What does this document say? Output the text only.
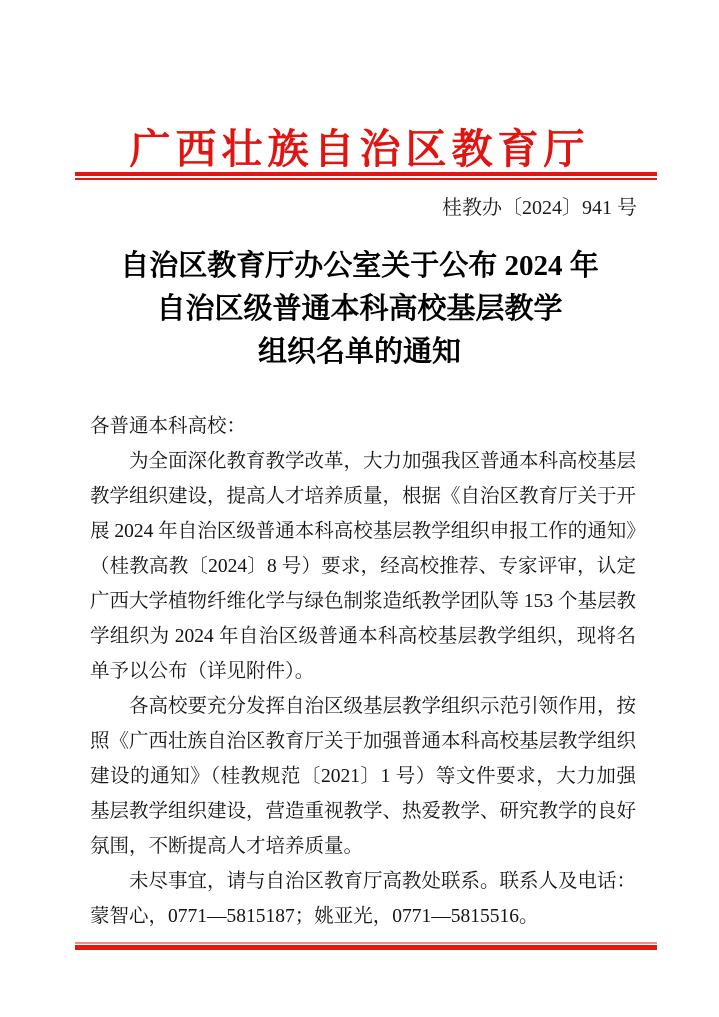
广西壮族自治区教育厅
桂教办〔2024〕941 号
自治区教育厅办公室关于公布 2024 年
自治区级普通本科高校基层教学
组织名单的通知

各普通本科高校：

为全面深化教育教学改革，大力加强我区普通本科高校基层教学组织建设，提高人才培养质量，根据《自治区教育厅关于开展 2024 年自治区级普通本科高校基层教学组织申报工作的通知》（桂教高教〔2024〕8 号）要求，经高校推荐、专家评审，认定广西大学植物纤维化学与绿色制浆造纸教学团队等 153 个基层教学组织为 2024 年自治区级普通本科高校基层教学组织，现将名单予以公布（详见附件）。

各高校要充分发挥自治区级基层教学组织示范引领作用，按照《广西壮族自治区教育厅关于加强普通本科高校基层教学组织建设的通知》（桂教规范〔2021〕1 号）等文件要求，大力加强基层教学组织建设，营造重视教学、热爱教学、研究教学的良好氛围，不断提高人才培养质量。

未尽事宜，请与自治区教育厅高教处联系。联系人及电话：蒙智心，0771—5815187；姚亚光，0771—5815516。
